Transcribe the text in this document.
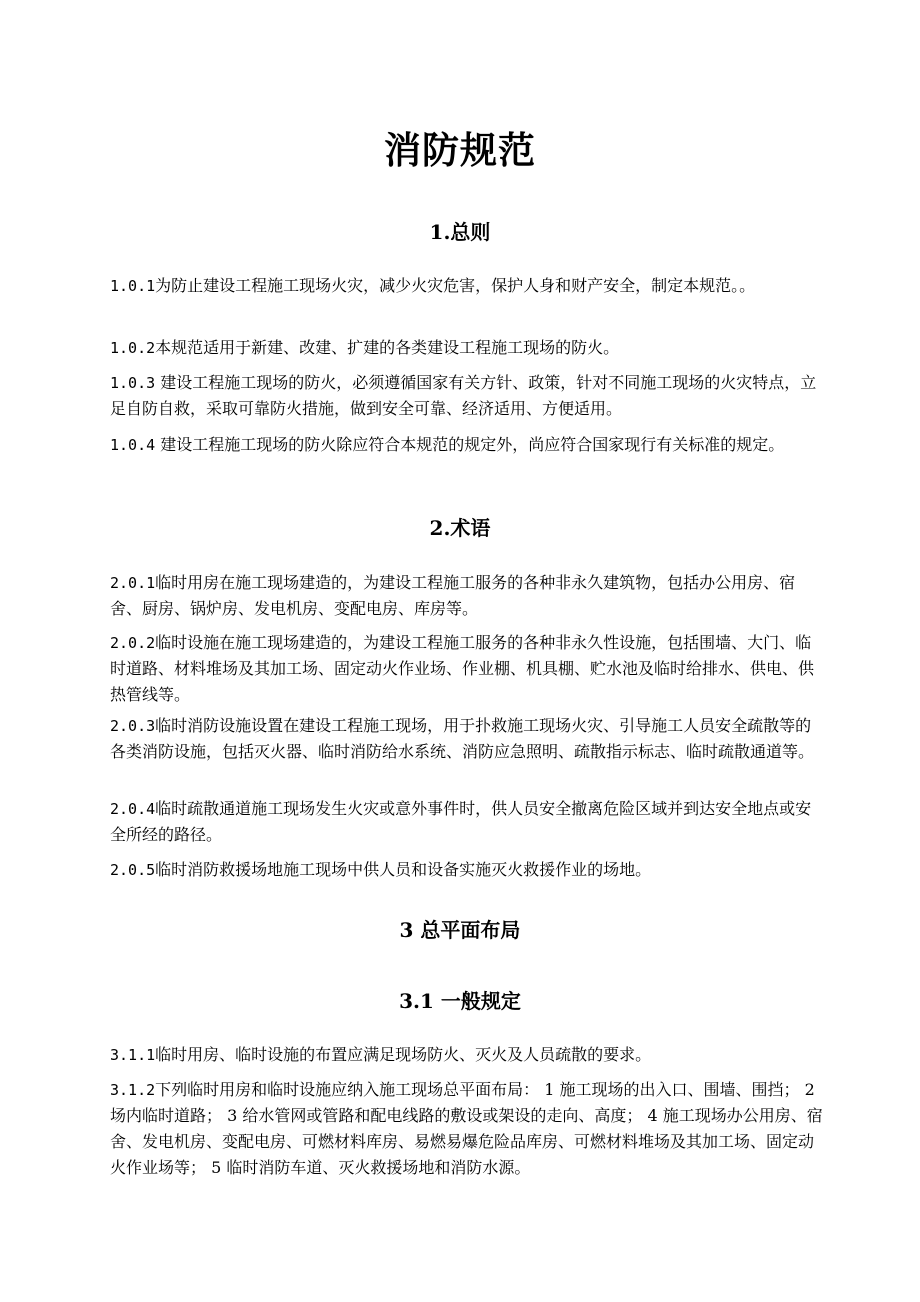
消防规范
1.总则
1.0.1为防止建设工程施工现场火灾，减少火灾危害，保护人身和财产安全，制定本规范。。
1.0.2本规范适用于新建、改建、扩建的各类建设工程施工现场的防火。
1.0.3 建设工程施工现场的防火，必须遵循国家有关方针、政策，针对不同施工现场的火灾特点，立足自防自救，采取可靠防火措施，做到安全可靠、经济适用、方便适用。
1.0.4 建设工程施工现场的防火除应符合本规范的规定外，尚应符合国家现行有关标准的规定。
2.术语
2.0.1临时用房在施工现场建造的，为建设工程施工服务的各种非永久建筑物，包括办公用房、宿舍、厨房、锅炉房、发电机房、变配电房、库房等。
2.0.2临时设施在施工现场建造的，为建设工程施工服务的各种非永久性设施，包括围墙、大门、临时道路、材料堆场及其加工场、固定动火作业场、作业棚、机具棚、贮水池及临时给排水、供电、供热管线等。
2.0.3临时消防设施设置在建设工程施工现场，用于扑救施工现场火灾、引导施工人员安全疏散等的各类消防设施，包括灭火器、临时消防给水系统、消防应急照明、疏散指示标志、临时疏散通道等。
2.0.4临时疏散通道施工现场发生火灾或意外事件时，供人员安全撤离危险区域并到达安全地点或安全所经的路径。
2.0.5临时消防救援场地施工现场中供人员和设备实施灭火救援作业的场地。
3 总平面布局
3.1 一般规定
3.1.1临时用房、临时设施的布置应满足现场防火、灭火及人员疏散的要求。
3.1.2下列临时用房和临时设施应纳入施工现场总平面布局： 1 施工现场的出入口、围墙、围挡； 2 场内临时道路； 3 给水管网或管路和配电线路的敷设或架设的走向、高度； 4 施工现场办公用房、宿舍、发电机房、变配电房、可燃材料库房、易燃易爆危险品库房、可燃材料堆场及其加工场、固定动火作业场等； 5 临时消防车道、灭火救援场地和消防水源。
